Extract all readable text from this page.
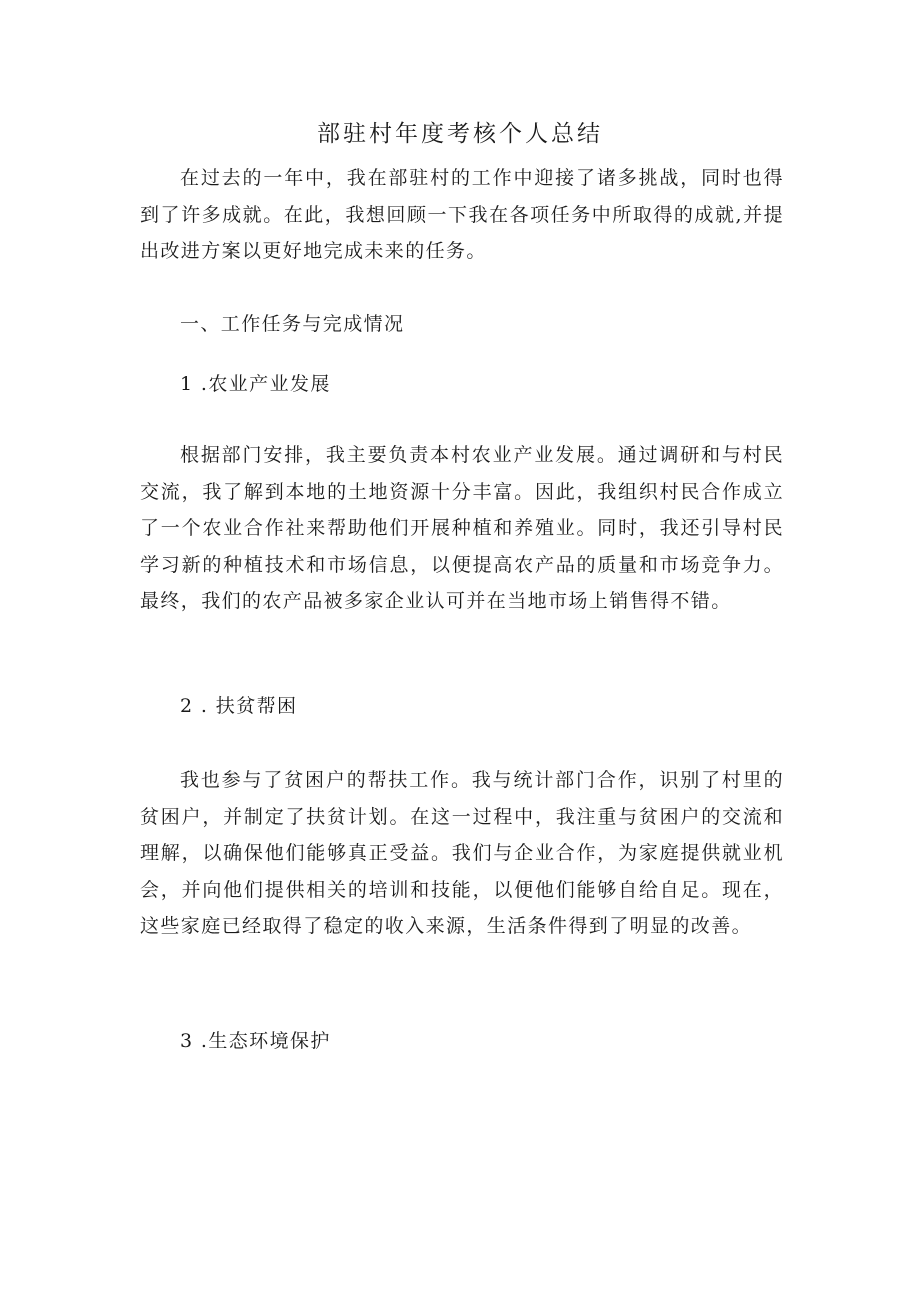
部驻村年度考核个人总结

在过去的一年中，我在部驻村的工作中迎接了诸多挑战，同时也得到了许多成就。在此，我想回顾一下我在各项任务中所取得的成就,并提出改进方案以更好地完成未来的任务。

一、工作任务与完成情况
1 .农业产业发展

根据部门安排，我主要负责本村农业产业发展。通过调研和与村民交流，我了解到本地的土地资源十分丰富。因此，我组织村民合作成立了一个农业合作社来帮助他们开展种植和养殖业。同时，我还引导村民学习新的种植技术和市场信息，以便提高农产品的质量和市场竞争力。最终，我们的农产品被多家企业认可并在当地市场上销售得不错。

2 . 扶贫帮困

我也参与了贫困户的帮扶工作。我与统计部门合作，识别了村里的贫困户，并制定了扶贫计划。在这一过程中，我注重与贫困户的交流和理解，以确保他们能够真正受益。我们与企业合作，为家庭提供就业机会，并向他们提供相关的培训和技能，以便他们能够自给自足。现在，这些家庭已经取得了稳定的收入来源，生活条件得到了明显的改善。

3 .生态环境保护
